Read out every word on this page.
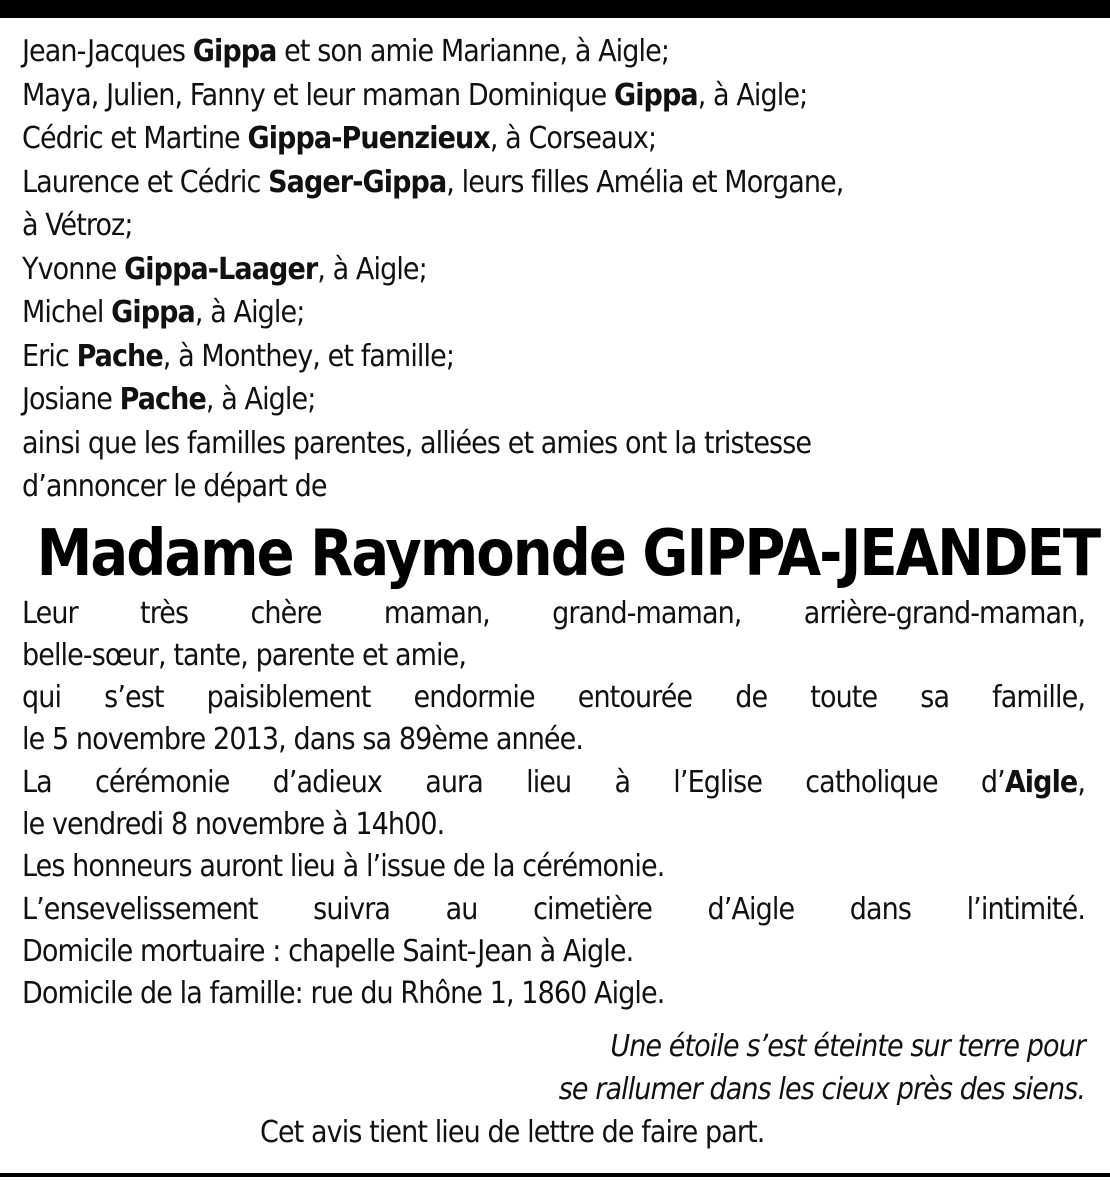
Jean-Jacques Gippa et son amie Marianne, à Aigle;
Maya, Julien, Fanny et leur maman Dominique Gippa, à Aigle;
Cédric et Martine Gippa-Puenzieux, à Corseaux;
Laurence et Cédric Sager-Gippa, leurs filles Amélia et Morgane,
à Vétroz;
Yvonne Gippa-Laager, à Aigle;
Michel Gippa, à Aigle;
Eric Pache, à Monthey, et famille;
Josiane Pache, à Aigle;
ainsi que les familles parentes, alliées et amies ont la tristesse
d’annoncer le départ de
Madame Raymonde GIPPA-JEANDET
Leur très chère maman, grand-maman, arrière-grand-maman,
belle-sœur, tante, parente et amie,
qui s’est paisiblement endormie entourée de toute sa famille,
le 5 novembre 2013, dans sa 89ème année.
La cérémonie d’adieux aura lieu à l’Eglise catholique d’Aigle,
le vendredi 8 novembre à 14h00.
Les honneurs auront lieu à l’issue de la cérémonie.
L’ensevelissement suivra au cimetière d’Aigle dans l’intimité.
Domicile mortuaire : chapelle Saint-Jean à Aigle.
Domicile de la famille: rue du Rhône 1, 1860 Aigle.
Une étoile s’est éteinte sur terre pour
se rallumer dans les cieux près des siens.
Cet avis tient lieu de lettre de faire part.
